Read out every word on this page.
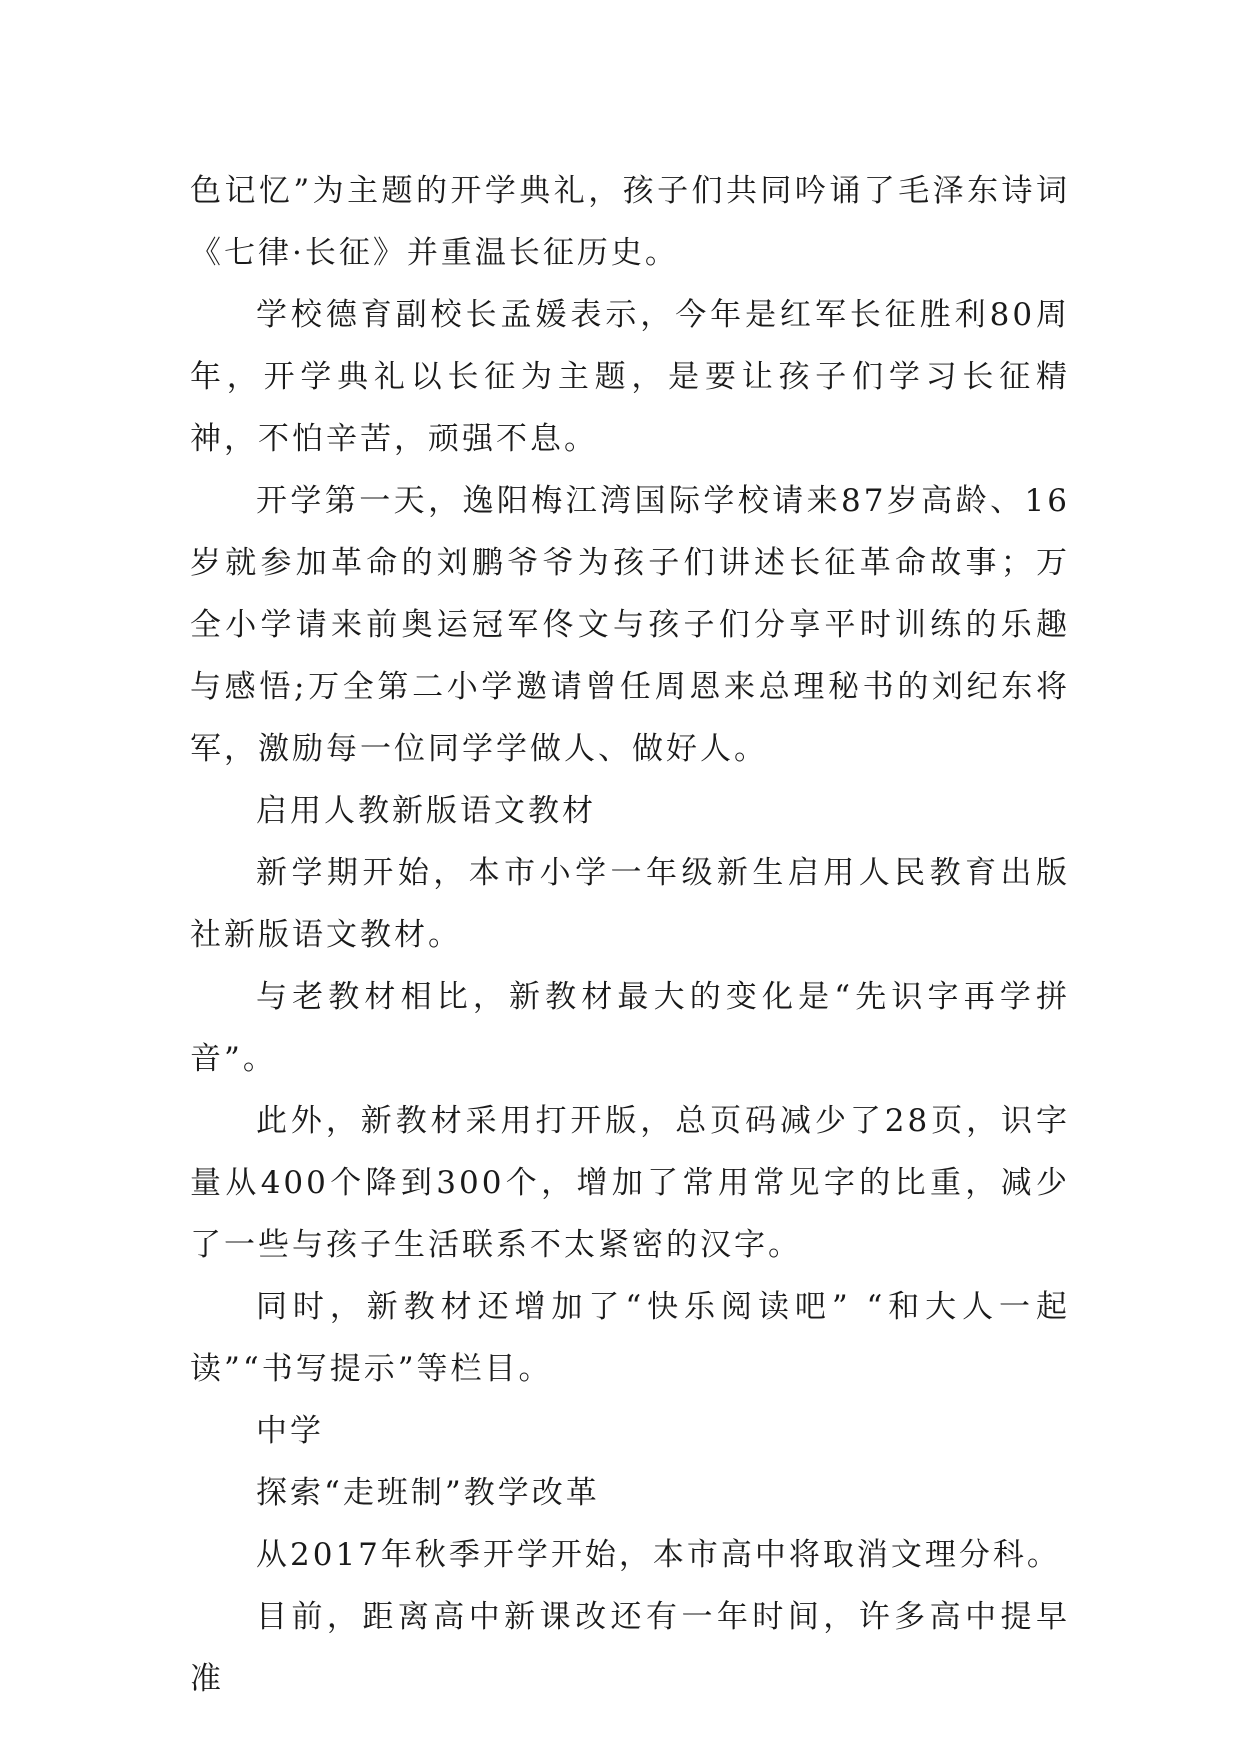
色记忆”为主题的开学典礼，孩子们共同吟诵了毛泽东诗词《七律·长征》并重温长征历史。

学校德育副校长孟媛表示，今年是红军长征胜利80周年，开学典礼以长征为主题，是要让孩子们学习长征精神，不怕辛苦，顽强不息。

开学第一天，逸阳梅江湾国际学校请来87岁高龄、16岁就参加革命的刘鹏爷爷为孩子们讲述长征革命故事；万全小学请来前奥运冠军佟文与孩子们分享平时训练的乐趣与感悟;万全第二小学邀请曾任周恩来总理秘书的刘纪东将军，激励每一位同学学做人、做好人。

启用人教新版语文教材

新学期开始，本市小学一年级新生启用人民教育出版社新版语文教材。

与老教材相比，新教材最大的变化是“先识字再学拼音”。

此外，新教材采用打开版，总页码减少了28页，识字量从400个降到300个，增加了常用常见字的比重，减少了一些与孩子生活联系不太紧密的汉字。

同时，新教材还增加了“快乐阅读吧” “和大人一起读”“书写提示”等栏目。

中学

探索“走班制”教学改革

从2017年秋季开学开始，本市高中将取消文理分科。

目前，距离高中新课改还有一年时间，许多高中提早准
